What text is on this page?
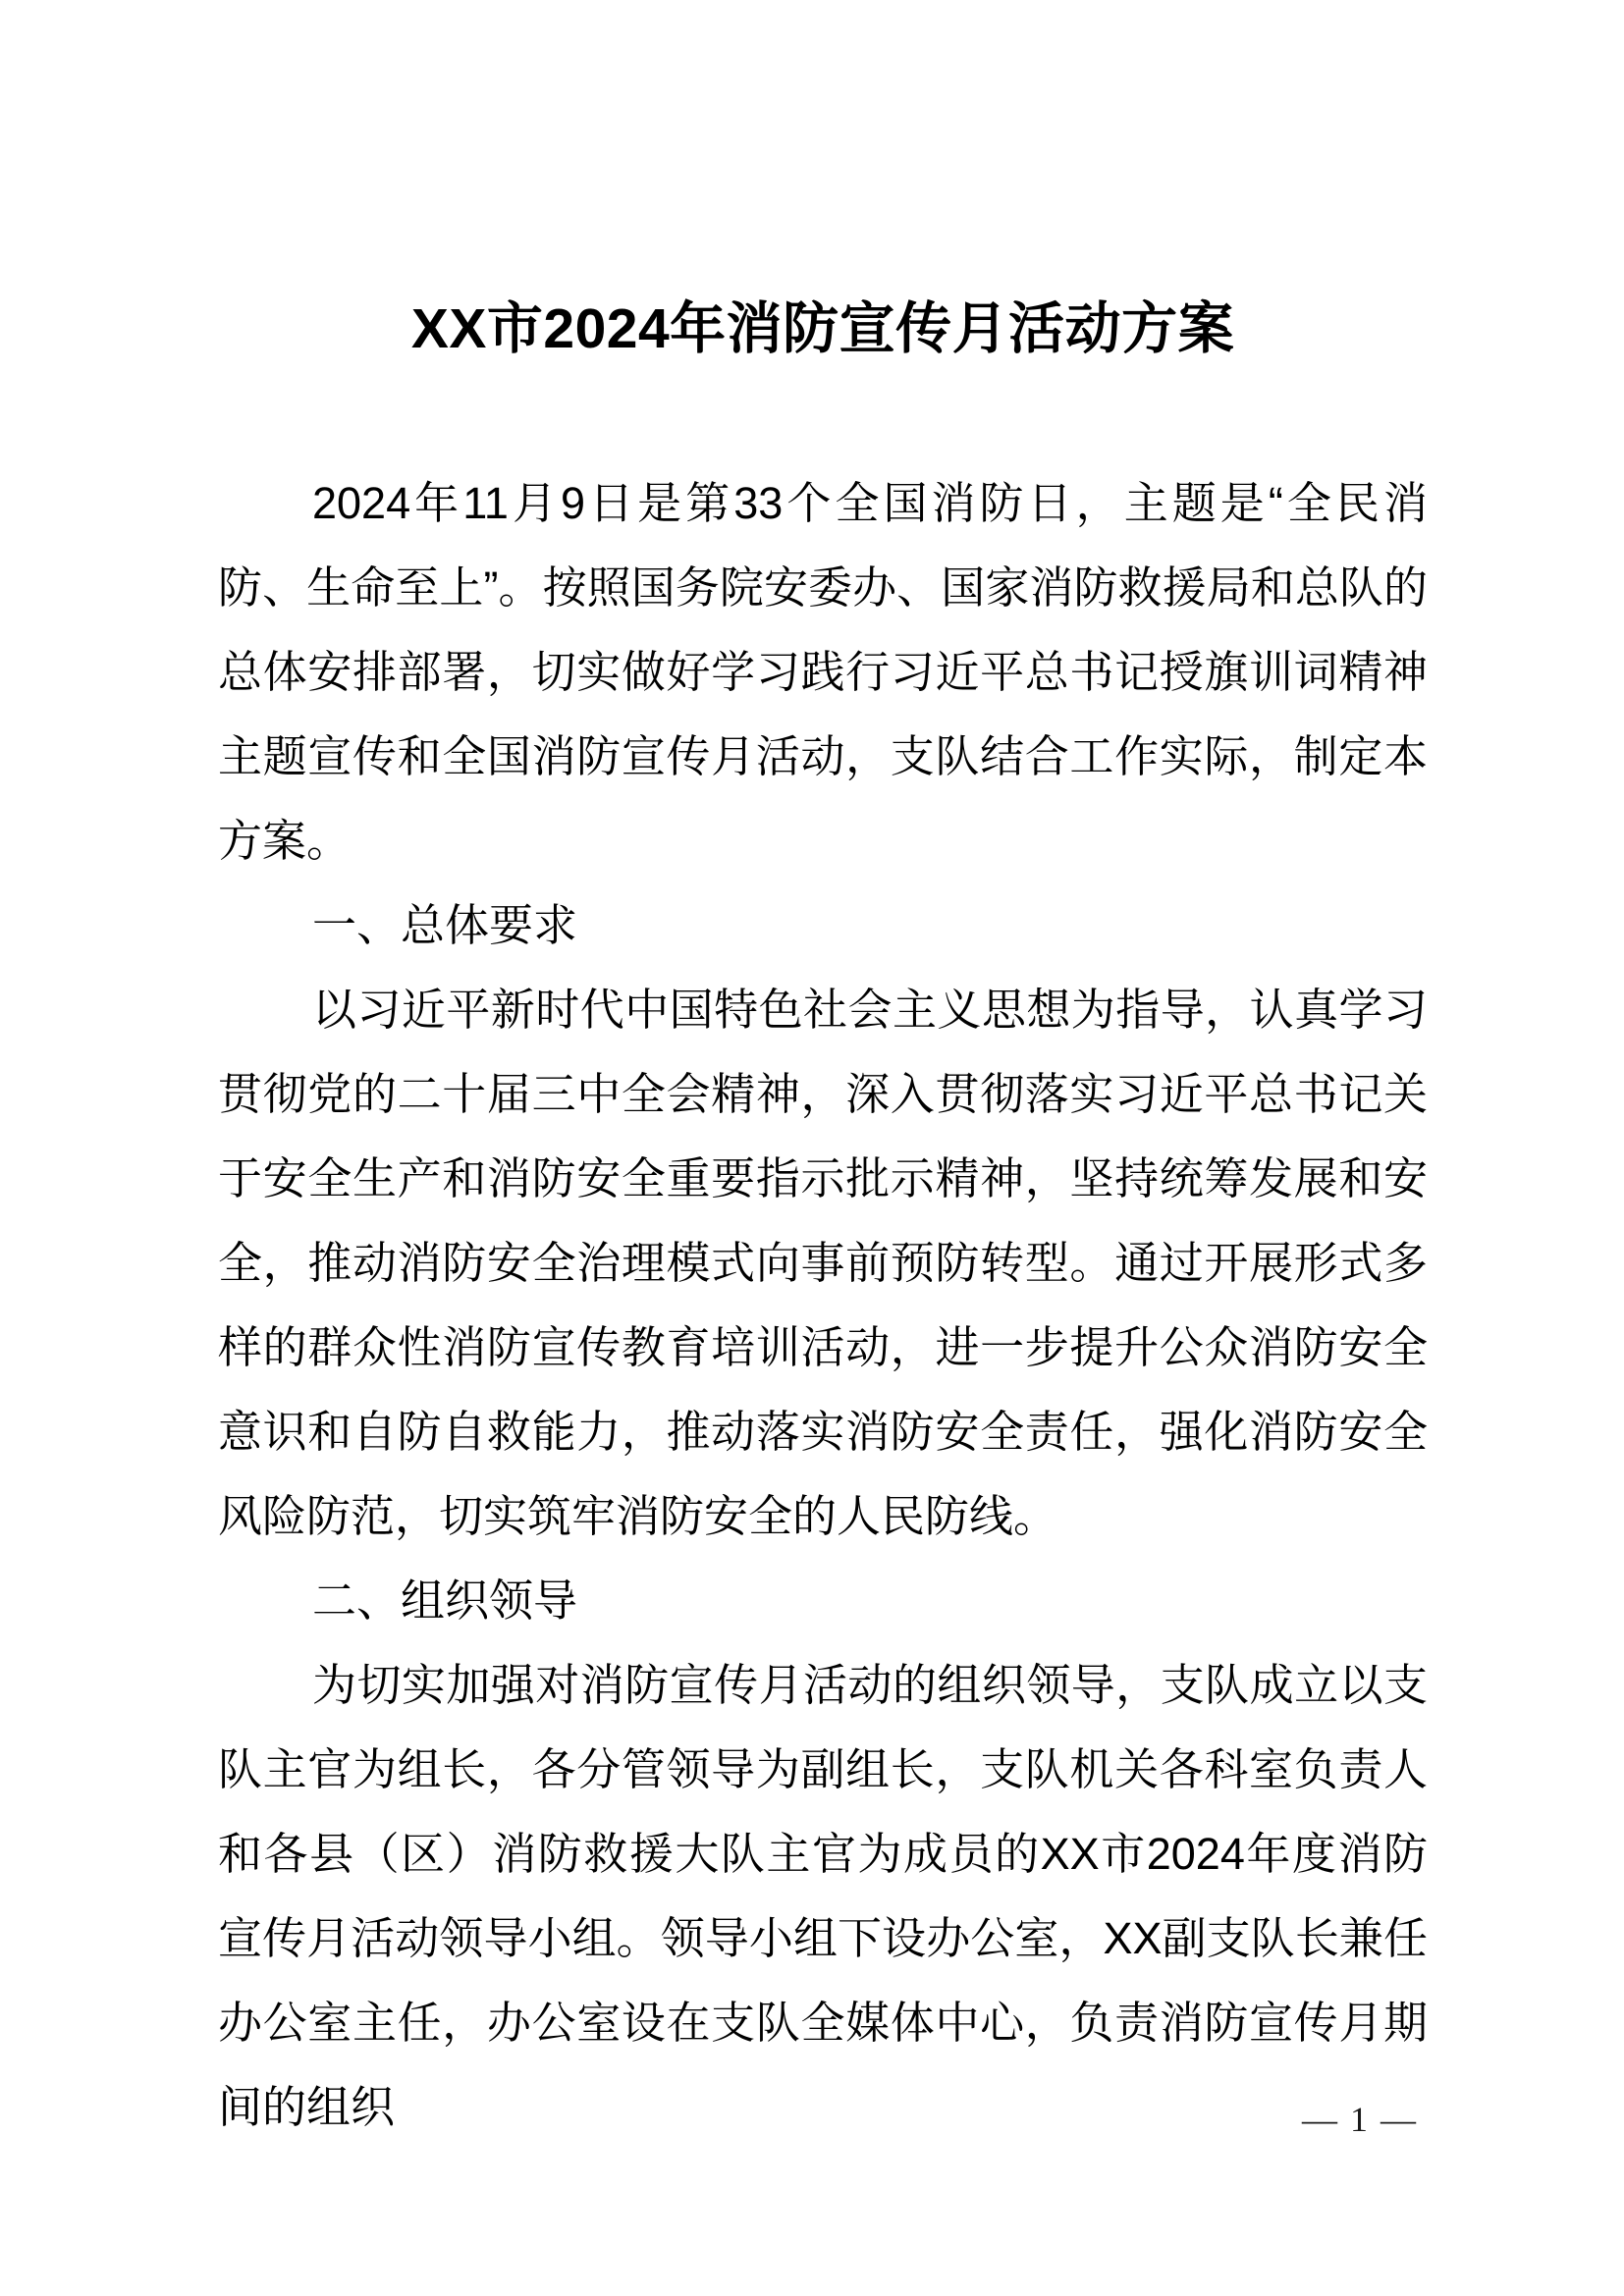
XX市2024年消防宣传月活动方案

2024年11月9日是第33个全国消防日，主题是“全民消防、生命至上”。按照国务院安委办、国家消防救援局和总队的总体安排部署，切实做好学习践行习近平总书记授旗训词精神主题宣传和全国消防宣传月活动，支队结合工作实际，制定本方案。

一、总体要求

以习近平新时代中国特色社会主义思想为指导，认真学习贯彻党的二十届三中全会精神，深入贯彻落实习近平总书记关于安全生产和消防安全重要指示批示精神，坚持统筹发展和安全，推动消防安全治理模式向事前预防转型。通过开展形式多样的群众性消防宣传教育培训活动，进一步提升公众消防安全意识和自防自救能力，推动落实消防安全责任，强化消防安全风险防范，切实筑牢消防安全的人民防线。

二、组织领导

为切实加强对消防宣传月活动的组织领导，支队成立以支队主官为组长，各分管领导为副组长，支队机关各科室负责人和各县（区）消防救援大队主官为成员的XX市2024年度消防宣传月活动领导小组。领导小组下设办公室，XX副支队长兼任办公室主任，办公室设在支队全媒体中心，负责消防宣传月期间的组织	— 1 —
